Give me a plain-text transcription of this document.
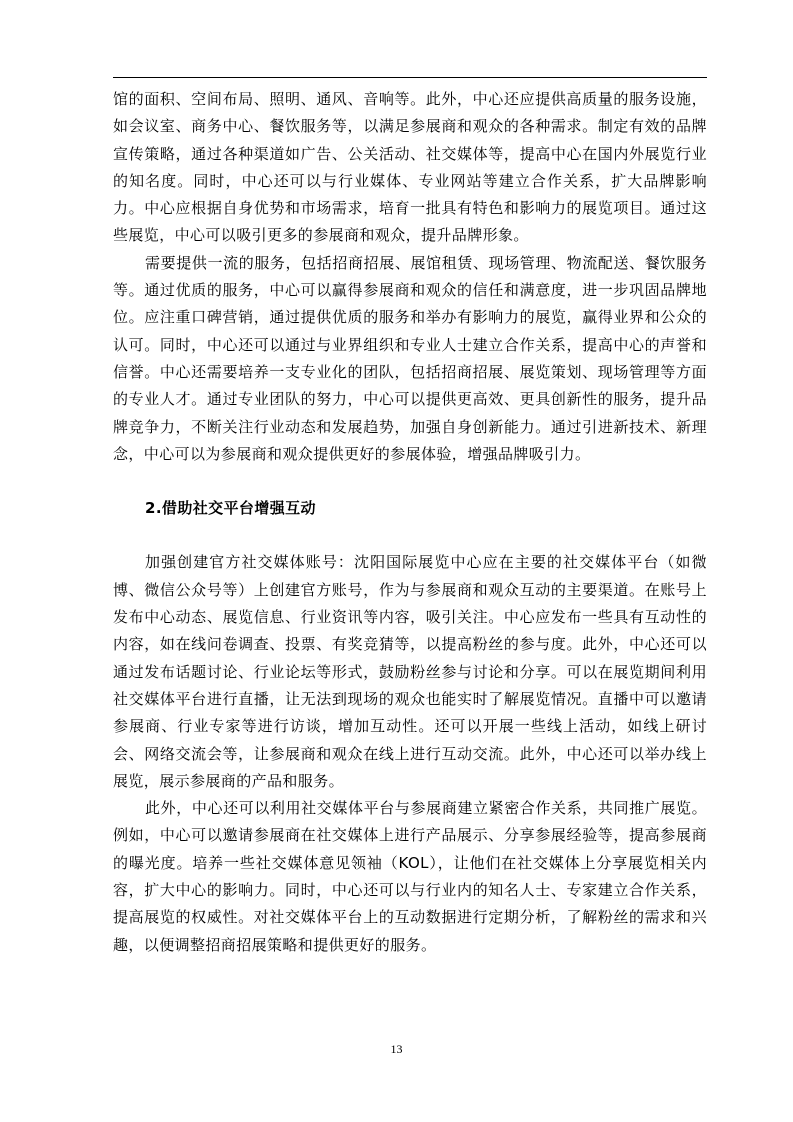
馆的面积、空间布局、照明、通风、音响等。此外，中心还应提供高质量的服务设施，如会议室、商务中心、餐饮服务等，以满足参展商和观众的各种需求。制定有效的品牌宣传策略，通过各种渠道如广告、公关活动、社交媒体等，提高中心在国内外展览行业的知名度。同时，中心还可以与行业媒体、专业网站等建立合作关系，扩大品牌影响力。中心应根据自身优势和市场需求，培育一批具有特色和影响力的展览项目。通过这些展览，中心可以吸引更多的参展商和观众，提升品牌形象。

需要提供一流的服务，包括招商招展、展馆租赁、现场管理、物流配送、餐饮服务等。通过优质的服务，中心可以赢得参展商和观众的信任和满意度，进一步巩固品牌地位。应注重口碑营销，通过提供优质的服务和举办有影响力的展览，赢得业界和公众的认可。同时，中心还可以通过与业界组织和专业人士建立合作关系，提高中心的声誉和信誉。中心还需要培养一支专业化的团队，包括招商招展、展览策划、现场管理等方面的专业人才。通过专业团队的努力，中心可以提供更高效、更具创新性的服务，提升品牌竞争力，不断关注行业动态和发展趋势，加强自身创新能力。通过引进新技术、新理念，中心可以为参展商和观众提供更好的参展体验，增强品牌吸引力。

2.借助社交平台增强互动

加强创建官方社交媒体账号：沈阳国际展览中心应在主要的社交媒体平台（如微博、微信公众号等）上创建官方账号，作为与参展商和观众互动的主要渠道。在账号上发布中心动态、展览信息、行业资讯等内容，吸引关注。中心应发布一些具有互动性的内容，如在线问卷调查、投票、有奖竞猜等，以提高粉丝的参与度。此外，中心还可以通过发布话题讨论、行业论坛等形式，鼓励粉丝参与讨论和分享。可以在展览期间利用社交媒体平台进行直播，让无法到现场的观众也能实时了解展览情况。直播中可以邀请参展商、行业专家等进行访谈，增加互动性。还可以开展一些线上活动，如线上研讨会、网络交流会等，让参展商和观众在线上进行互动交流。此外，中心还可以举办线上展览，展示参展商的产品和服务。

此外，中心还可以利用社交媒体平台与参展商建立紧密合作关系，共同推广展览。例如，中心可以邀请参展商在社交媒体上进行产品展示、分享参展经验等，提高参展商的曝光度。培养一些社交媒体意见领袖（KOL），让他们在社交媒体上分享展览相关内容，扩大中心的影响力。同时，中心还可以与行业内的知名人士、专家建立合作关系，提高展览的权威性。对社交媒体平台上的互动数据进行定期分析，了解粉丝的需求和兴趣，以便调整招商招展策略和提供更好的服务。

13
